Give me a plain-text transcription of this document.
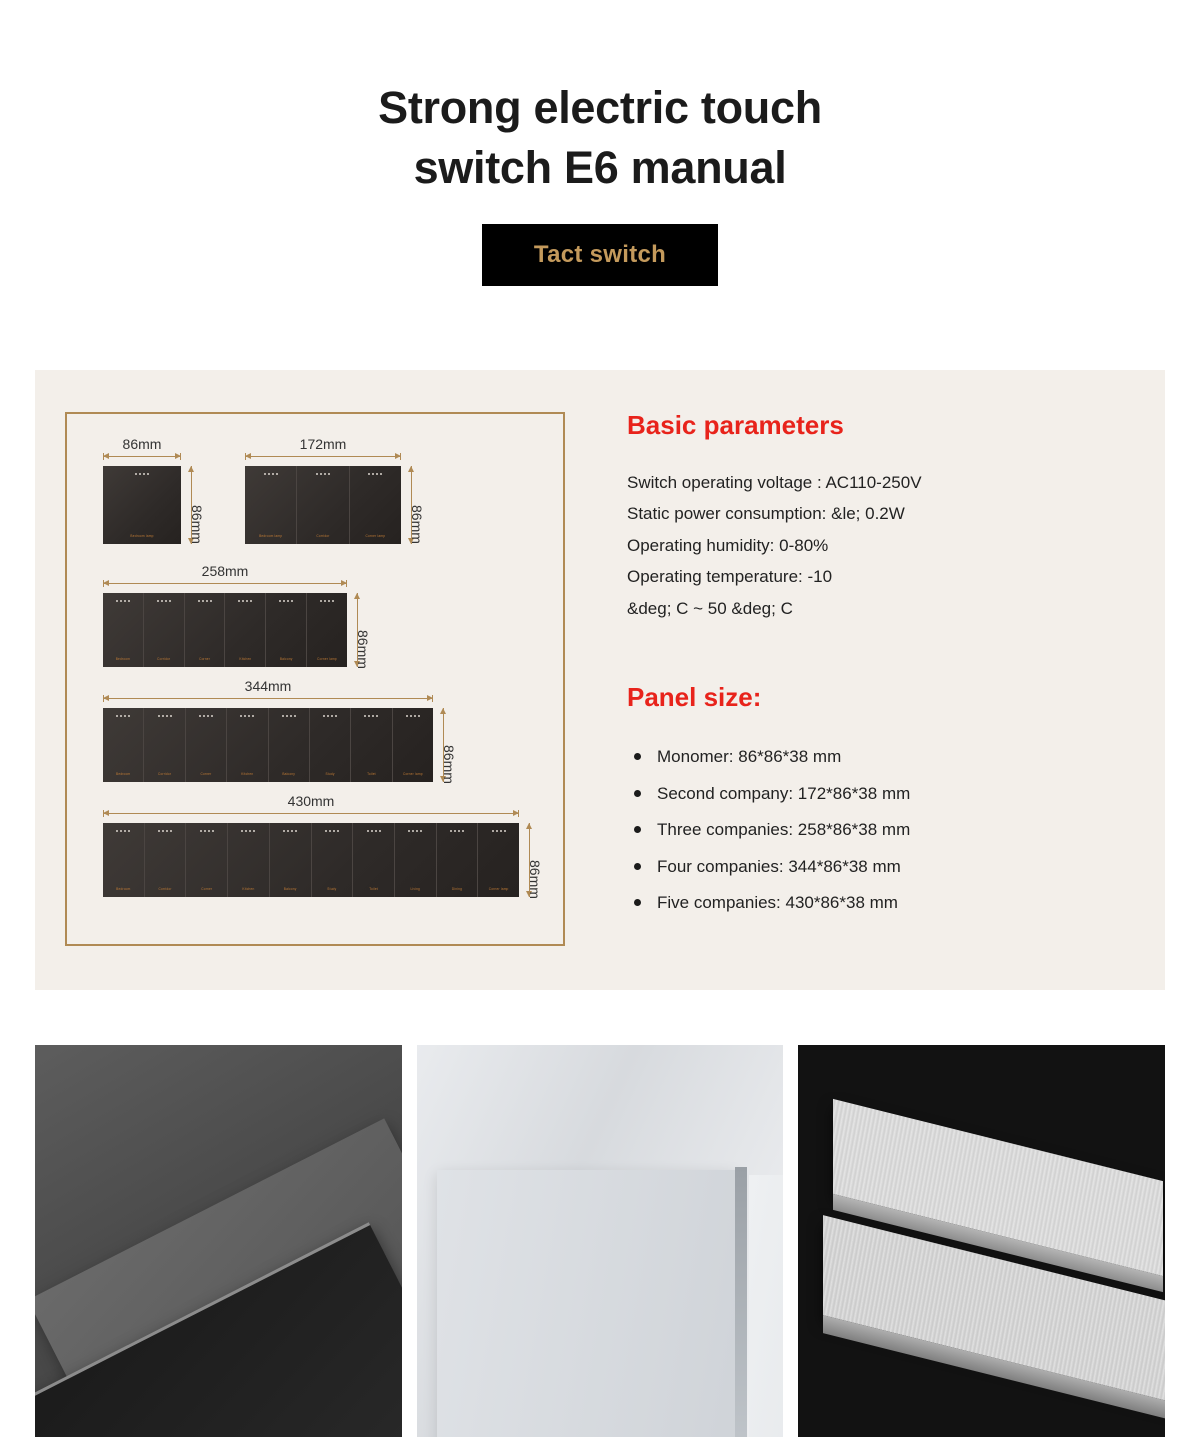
Strong electric touch
switch E6 manual
Tact switch
86mm
Bedroom lamp	86mm
172mm
Bedroom lamp	Corridor	Corner lamp 86mm
258mm
Bedroom	Corridor	Corner	Kitchen	Balcony	Corner lamp 86mm
344mm
Bedroom	Corridor	Corner	Kitchen	Balcony	Study	Toilet	Corner lamp 86mm
430mm
Bedroom	Corridor	Corner	Kitchen	Balcony	Study	Toilet	Living	Dining	Corner lamp 86mm
Basic parameters
Switch operating voltage : AC110-250V
Static power consumption: &le; 0.2W
Operating humidity: 0-80%
Operating temperature: -10
&deg; C ~ 50 &deg; C
Panel size:
Monomer: 86*86*38 mm
Second company: 172*86*38 mm
Three companies: 258*86*38 mm
Four companies: 344*86*38 mm
Five companies: 430*86*38 mm
